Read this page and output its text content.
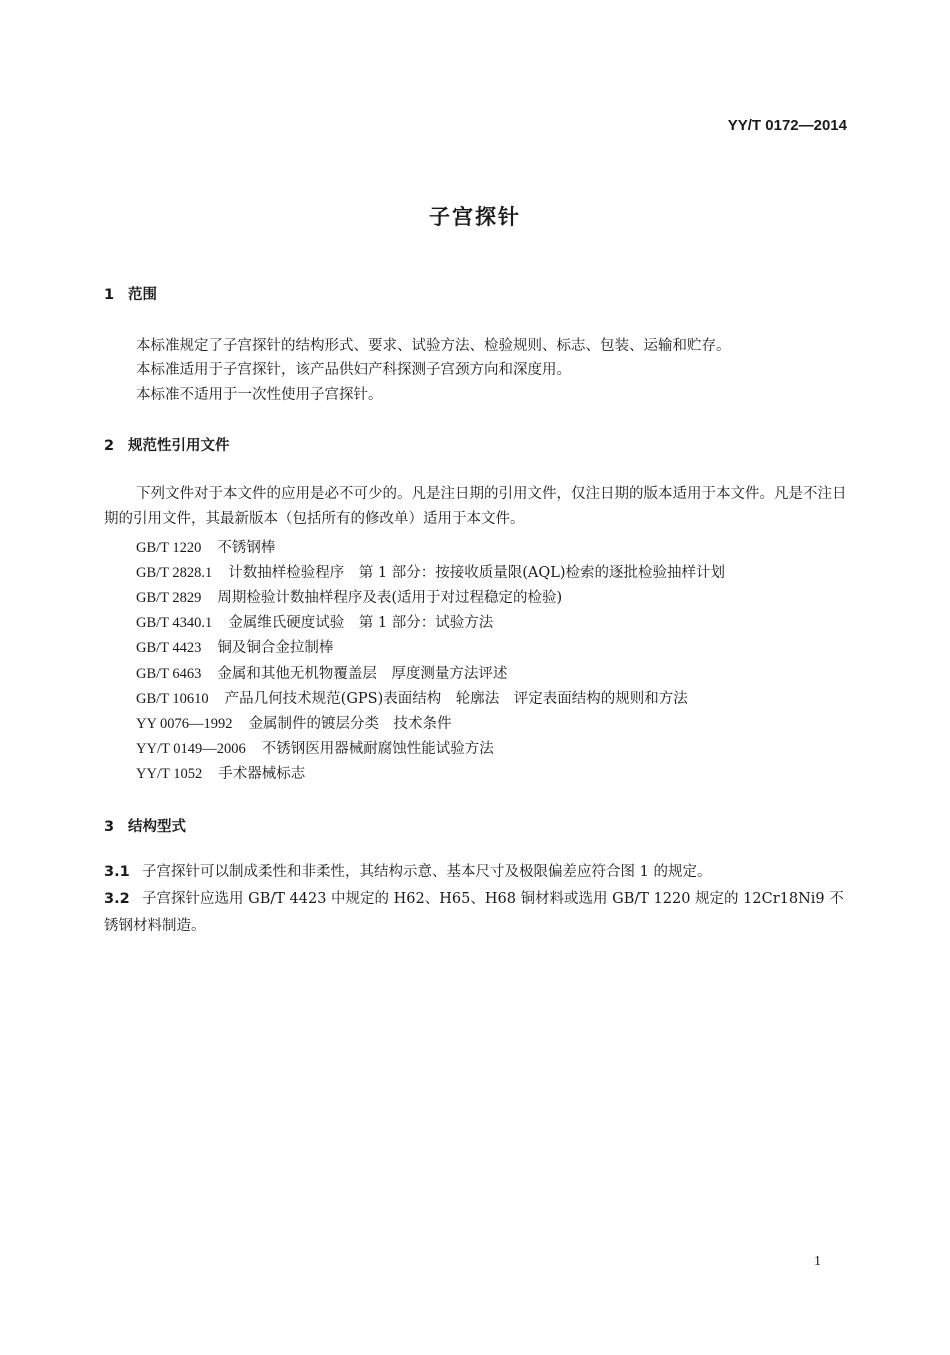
YY/T 0172—2014
子宫探针
1 范围
本标准规定了子宫探针的结构形式、要求、试验方法、检验规则、标志、包装、运输和贮存。
本标准适用于子宫探针，该产品供妇产科探测子宫颈方向和深度用。
本标准不适用于一次性使用子宫探针。
2 规范性引用文件
下列文件对于本文件的应用是必不可少的。凡是注日期的引用文件，仅注日期的版本适用于本文件。凡是不注日期的引用文件，其最新版本（包括所有的修改单）适用于本文件。
GB/T 1220 不锈钢棒
GB/T 2828.1 计数抽样检验程序　第 1 部分：按接收质量限(AQL)检索的逐批检验抽样计划
GB/T 2829 周期检验计数抽样程序及表(适用于对过程稳定的检验)
GB/T 4340.1 金属维氏硬度试验　第 1 部分：试验方法
GB/T 4423 铜及铜合金拉制棒
GB/T 6463 金属和其他无机物覆盖层　厚度测量方法评述
GB/T 10610 产品几何技术规范(GPS)表面结构　轮廓法　评定表面结构的规则和方法
YY 0076—1992 金属制件的镀层分类　技术条件
YY/T 0149—2006 不锈钢医用器械耐腐蚀性能试验方法
YY/T 1052 手术器械标志
3 结构型式
3.1 子宫探针可以制成柔性和非柔性，其结构示意、基本尺寸及极限偏差应符合图 1 的规定。
3.2 子宫探针应选用 GB/T 4423 中规定的 H62、H65、H68 铜材料或选用 GB/T 1220 规定的 12Cr18Ni9 不锈钢材料制造。
1
